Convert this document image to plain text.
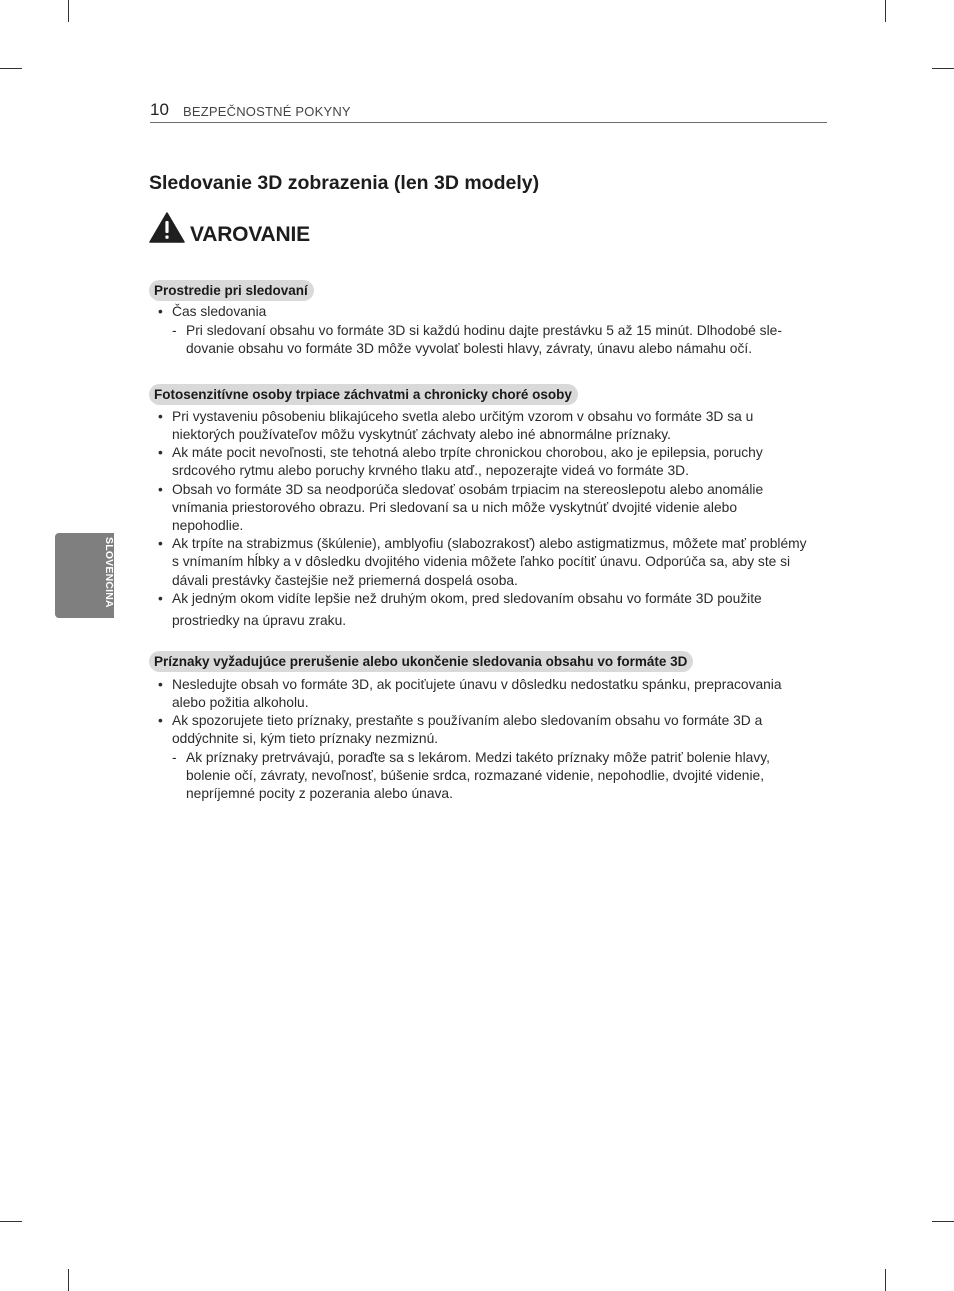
10 BEZPEČNOSTNÉ POKYNY
SLOVENČINA
Sledovanie 3D zobrazenia (len 3D modely)
VAROVANIE
Prostredie pri sledovaní
• Čas sledovania
- Pri sledovaní obsahu vo formáte 3D si každú hodinu dajte prestávku 5 až 15 minút. Dlhodobé sle-
dovanie obsahu vo formáte 3D môže vyvolať bolesti hlavy, závraty, únavu alebo námahu očí.
Fotosenzitívne osoby trpiace záchvatmi a chronicky choré osoby
• Pri vystaveniu pôsobeniu blikajúceho svetla alebo určitým vzorom v obsahu vo formáte 3D sa u
niektorých používateľov môžu vyskytnúť záchvaty alebo iné abnormálne príznaky.
• Ak máte pocit nevoľnosti, ste tehotná alebo trpíte chronickou chorobou, ako je epilepsia, poruchy
srdcového rytmu alebo poruchy krvného tlaku atď., nepozerajte videá vo formáte 3D.
• Obsah vo formáte 3D sa neodporúča sledovať osobám trpiacim na stereoslepotu alebo anomálie
vnímania priestorového obrazu. Pri sledovaní sa u nich môže vyskytnúť dvojité videnie alebo
nepohodlie.
• Ak trpíte na strabizmus (škúlenie), amblyofiu (slabozrakosť) alebo astigmatizmus, môžete mať problémy
s vnímaním hĺbky a v dôsledku dvojitého videnia môžete ľahko pocítiť únavu. Odporúča sa, aby ste si
dávali prestávky častejšie než priemerná dospelá osoba.
• Ak jedným okom vidíte lepšie než druhým okom, pred sledovaním obsahu vo formáte 3D použite
prostriedky na úpravu zraku.
Príznaky vyžadujúce prerušenie alebo ukončenie sledovania obsahu vo formáte 3D
• Nesledujte obsah vo formáte 3D, ak pociťujete únavu v dôsledku nedostatku spánku, prepracovania
alebo požitia alkoholu.
• Ak spozorujete tieto príznaky, prestaňte s používaním alebo sledovaním obsahu vo formáte 3D a
oddýchnite si, kým tieto príznaky nezmiznú.
- Ak príznaky pretrvávajú, poraďte sa s lekárom. Medzi takéto príznaky môže patriť bolenie hlavy,
bolenie očí, závraty, nevoľnosť, búšenie srdca, rozmazané videnie, nepohodlie, dvojité videnie,
nepríjemné pocity z pozerania alebo únava.
